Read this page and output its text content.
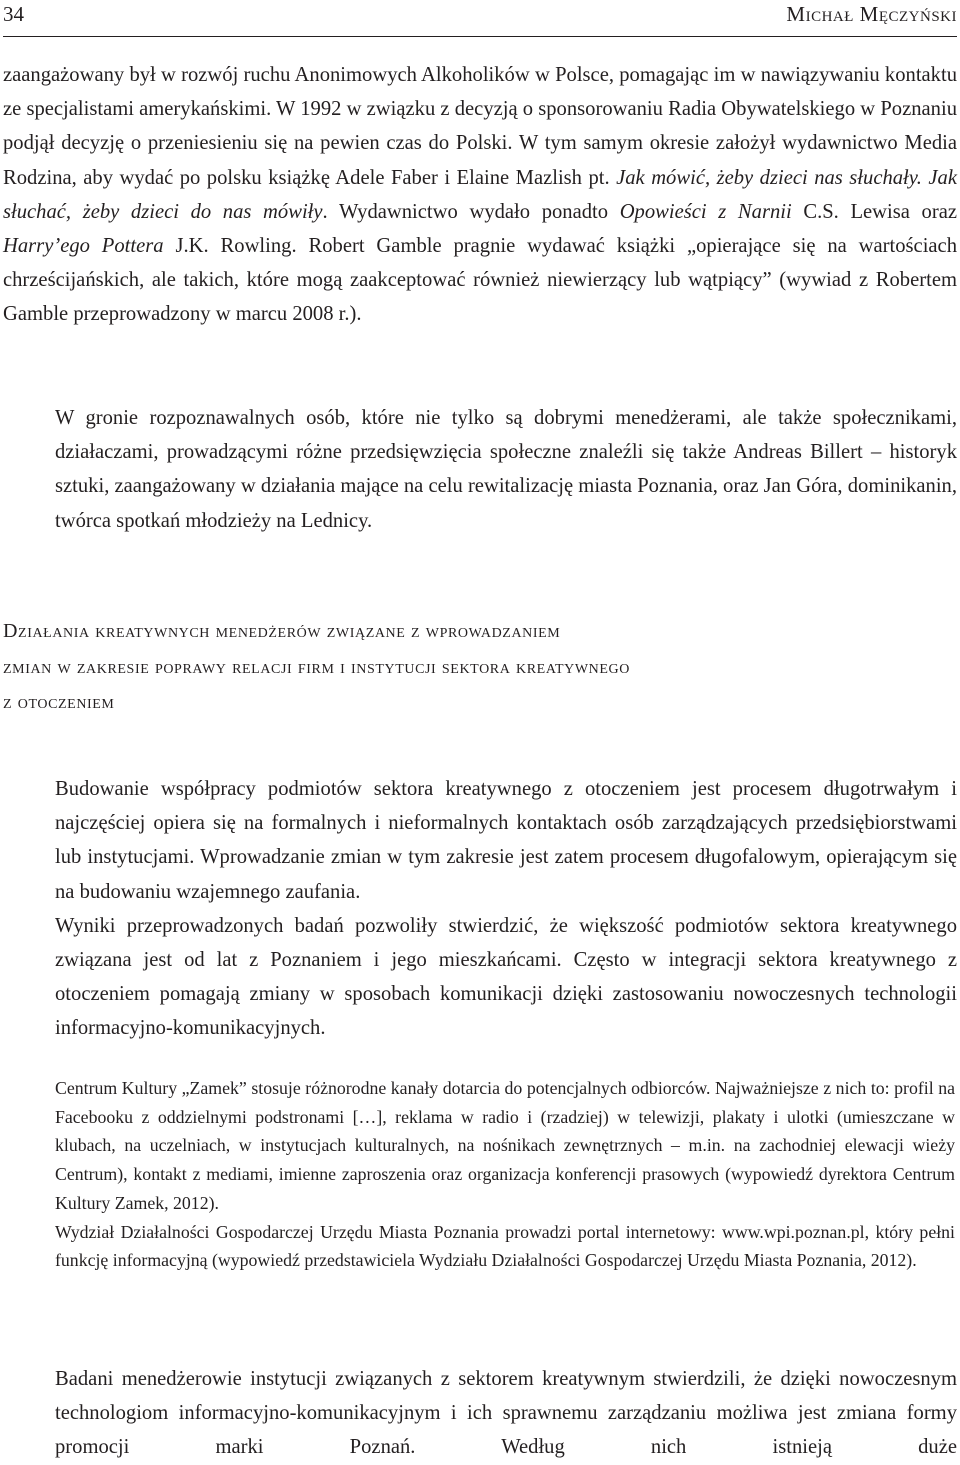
34	Michał Męczyński

zaangażowany był w rozwój ruchu Anonimowych Alkoholików w Polsce, pomagając im w nawiązywaniu kontaktu ze specjalistami amerykańskimi. W 1992 w związku z decyzją o sponsorowaniu Radia Obywatelskiego w Poznaniu podjął decyzję o przeniesieniu się na pewien czas do Polski. W tym samym okresie założył wydawnictwo Media Rodzina, aby wydać po polsku książkę Adele Faber i Elaine Mazlish pt. Jak mówić, żeby dzieci nas słuchały. Jak słuchać, żeby dzieci do nas mówiły. Wydawnictwo wydało ponadto Opowieści z Narnii C.S. Lewisa oraz Harry’ego Pottera J.K. Rowling. Robert Gamble pragnie wydawać książki „opierające się na wartościach chrześcijańskich, ale takich, które mogą zaakceptować również niewierzący lub wątpiący” (wywiad z Robertem Gamble przeprowadzony w marcu 2008 r.).

W gronie rozpoznawalnych osób, które nie tylko są dobrymi menedżerami, ale także społecznikami, działaczami, prowadzącymi różne przedsięwzięcia społeczne znaleźli się także Andreas Billert – historyk sztuki, zaangażowany w działania mające na celu rewitalizację miasta Poznania, oraz Jan Góra, dominikanin, twórca spotkań młodzieży na Lednicy.

Działania kreatywnych menedżerów związane z wprowadzaniem
zmian w zakresie poprawy relacji firm i instytucji sektora kreatywnego
z otoczeniem

Budowanie współpracy podmiotów sektora kreatywnego z otoczeniem jest procesem długotrwałym i najczęściej opiera się na formalnych i nieformalnych kontaktach osób zarządzających przedsiębiorstwami lub instytucjami. Wprowadzanie zmian w tym zakresie jest zatem procesem długofalowym, opierającym się na budowaniu wzajemnego zaufania.

Wyniki przeprowadzonych badań pozwoliły stwierdzić, że większość podmiotów sektora kreatywnego związana jest od lat z Poznaniem i jego mieszkańcami. Często w integracji sektora kreatywnego z otoczeniem pomagają zmiany w sposobach komunikacji dzięki zastosowaniu nowoczesnych technologii informacyjno-komunikacyjnych.

Centrum Kultury „Zamek” stosuje różnorodne kanały dotarcia do potencjalnych odbiorców. Najważniejsze z nich to: profil na Facebooku z oddzielnymi podstronami […], reklama w radio i (rzadziej) w telewizji, plakaty i ulotki (umieszczane w klubach, na uczelniach, w instytucjach kulturalnych, na nośnikach zewnętrznych – m.in. na zachodniej elewacji wieży Centrum), kontakt z mediami, imienne zaproszenia oraz organizacja konferencji prasowych (wypowiedź dyrektora Centrum Kultury Zamek, 2012).

Wydział Działalności Gospodarczej Urzędu Miasta Poznania prowadzi portal internetowy: www.wpi.poznan.pl, który pełni funkcję informacyjną (wypowiedź przedstawiciela Wydziału Działalności Gospodarczej Urzędu Miasta Poznania, 2012).

Badani menedżerowie instytucji związanych z sektorem kreatywnym stwierdzili, że dzięki nowoczesnym technologiom informacyjno-komunikacyjnym i ich sprawnemu zarządzaniu możliwa jest zmiana formy promocji marki Poznań. Według nich istnieją duże
